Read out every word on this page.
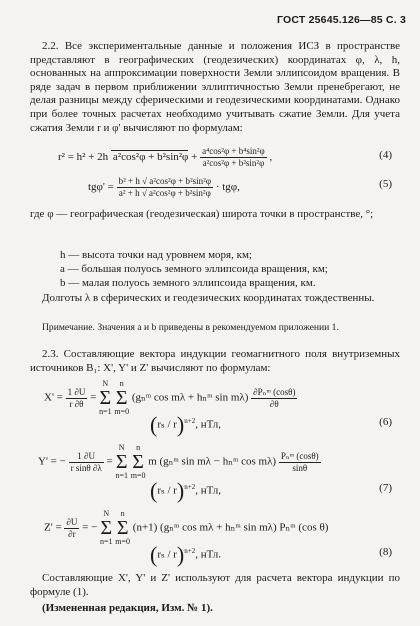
ГОСТ 25645.126—85 С. 3
2.2. Все экспериментальные данные и положения ИСЗ в пространстве представляют в географических (геодезических) координатах φ, λ, h, основанных на аппроксимации поверхности Земли эллипсоидом вращения. В ряде задач в первом приближении эллиптичностью Земли пренебрегают, не делая разницы между сферическими и геодезическими координатами. Однако при более точных расчетах необходимо учитывать сжатие Земли. Для учета сжатия Земли r и φ' вычисляют по формулам:
r² = h² + 2h $a^2\cos^2\varphi + b^2\sin^2\varphi + \frac{\text{a⁴cos²φ + b⁴sin²φ}}{\text{a²cos²φ + b²sin²φ}}$ ,	(4)
$tg\varphi' = \frac{\text{b² + h √ a²cos²φ + b²sin²φ}}{\text{a² + h √ a²cos²φ + b²sin²φ}} \cdot tg\varphi$,	(5)
где φ — географическая (геодезическая) широта точки в пространстве, °;
h — высота точки над уровнем моря, км;
a — большая полуось земного эллипсоида вращения, км;
b — малая полуось земного эллипсоида вращения, км.
Долготы λ в сферических и геодезических координатах тождественны.
Примечание. Значения a и b приведены в рекомендуемом приложении 1.
2.3. Составляющие вектора индукции геомагнитного поля внутриземных источников B₁: X', Y' и Z' вычисляют по формулам:
$X' = \frac{1 \partial U}{r \partial\theta} = N$
Σ
n=1 n
Σ
m=0 (gₙᵐ cos mλ + hₙᵐ $\sin m\lambda) \frac{\text{∂Pₙᵐ (cosθ)}}{\partial\theta}$
(rₛ / r)$^{n+2}$, нТл,	(6)
Y' = − $\frac{1 \partial U}{\text{r sinθ ∂λ}} = N$
Σ
n=1 n
Σ
m=0 m (gₙᵐ sin mλ − hₙᵐ $\cos m\lambda) \frac{\text{Pₙᵐ (cosθ)}}{\sin\theta}$
(rₛ / r)$^{n+2}$, нТл,	(7)
$Z' = \frac{\partial U}{\partial r}$ = − N
Σ
n=1 n
Σ
m=0 (n+1) (gₙᵐ cos mλ + hₙᵐ sin mλ) Pₙᵐ (cos θ)
(rₛ / r)$^{n+2}$, нТл.	(8)
Составляющие X', Y' и Z' используют для расчета вектора индукции по формуле (1).
(Измененная редакция, Изм. № 1).
